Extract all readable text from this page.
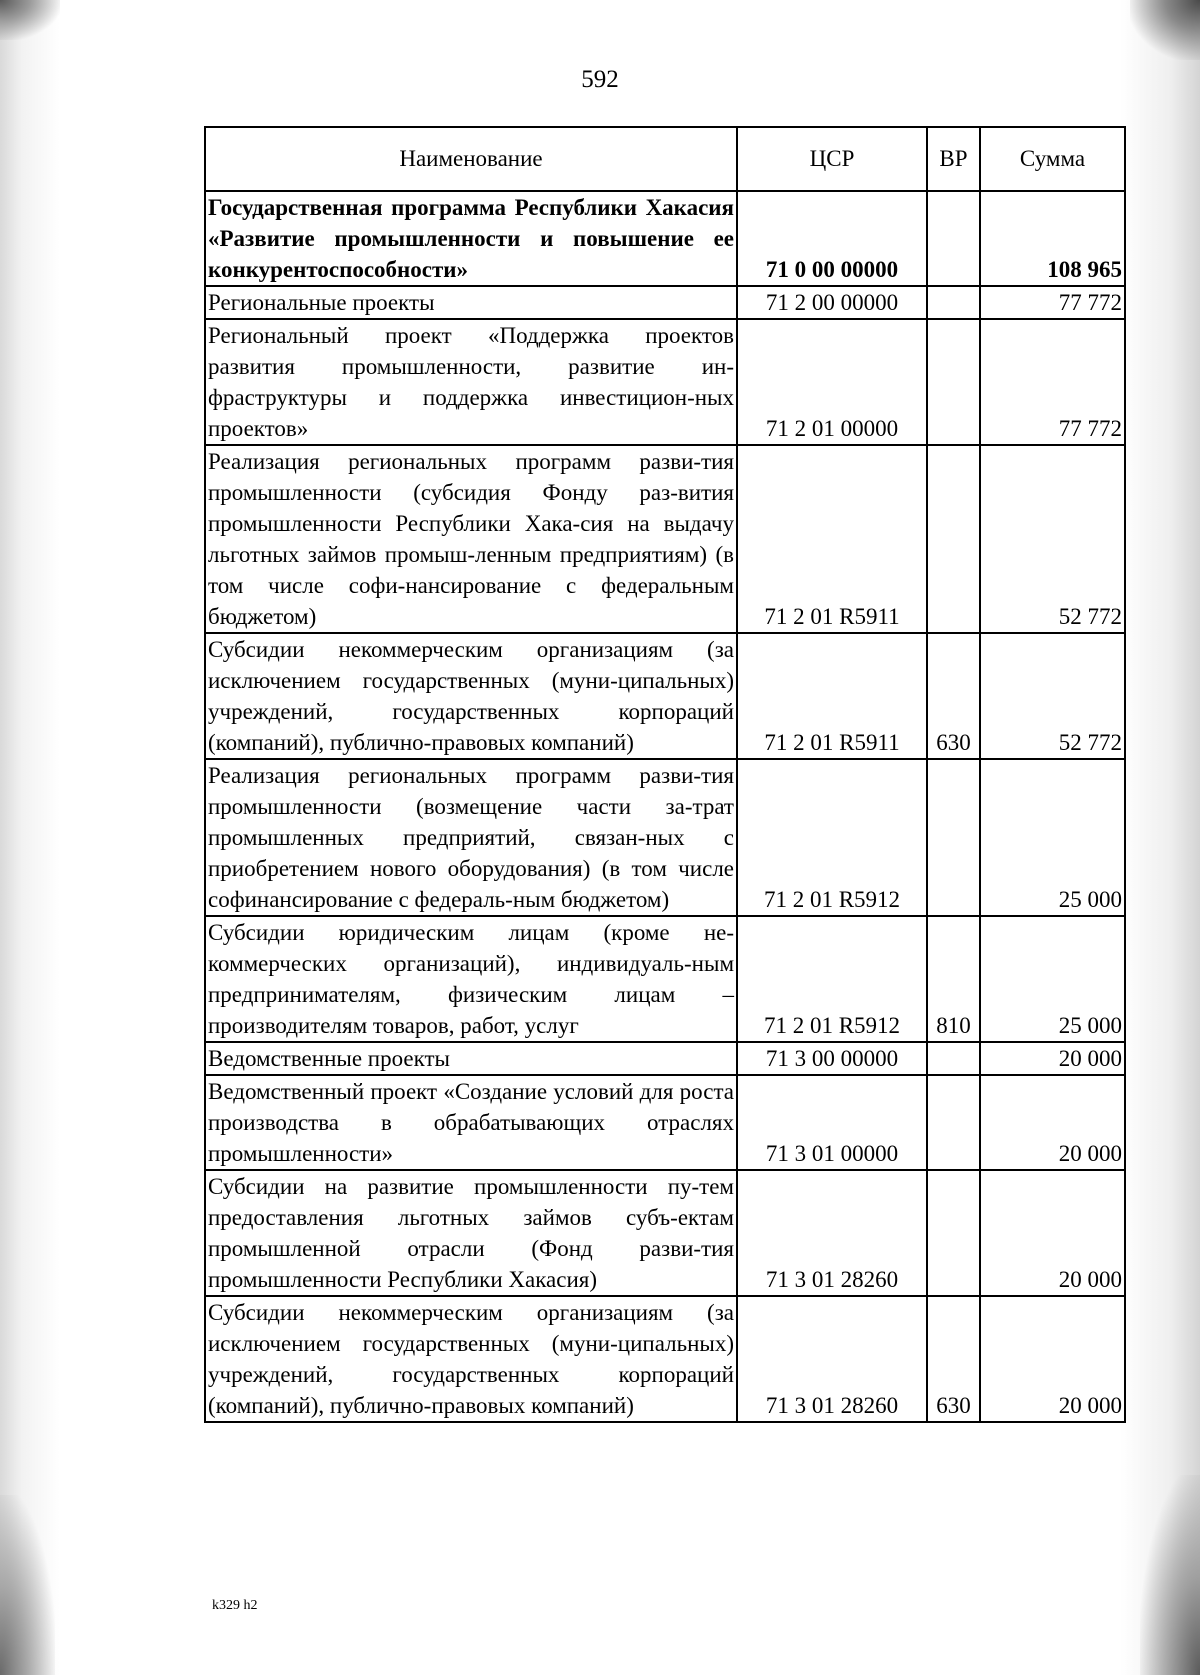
592
Наименование	ЦСР	ВР	Сумма
Государственная программа Республики Хакасия «Развитие промышленности и повышение ее конкурентоспособности»	71 0 00 00000		108 965
Региональные проекты	71 2 00 00000		77 772
Региональный проект «Поддержка проектов развития промышленности, развитие ин-фраструктуры и поддержка инвестицион-ных проектов»	71 2 01 00000		77 772
Реализация региональных программ разви-тия промышленности (субсидия Фонду раз-вития промышленности Республики Хака-сия на выдачу льготных займов промыш-ленным предприятиям) (в том числе софи-нансирование с федеральным бюджетом)	71 2 01 R5911		52 772
Субсидии некоммерческим организациям (за исключением государственных (муни-ципальных) учреждений, государственных корпораций (компаний), публично-правовых компаний)	71 2 01 R5911	630	52 772
Реализация региональных программ разви-тия промышленности (возмещение части за-трат промышленных предприятий, связан-ных с приобретением нового оборудования) (в том числе софинансирование с федераль-ным бюджетом)	71 2 01 R5912		25 000
Субсидии юридическим лицам (кроме не-коммерческих организаций), индивидуаль-ным предпринимателям, физическим лицам – производителям товаров, работ, услуг	71 2 01 R5912	810	25 000
Ведомственные проекты	71 3 00 00000		20 000
Ведомственный проект «Создание условий для роста производства в обрабатывающих отраслях промышленности»	71 3 01 00000		20 000
Субсидии на развитие промышленности пу-тем предоставления льготных займов субъ-ектам промышленной отрасли (Фонд разви-тия промышленности Республики Хакасия)	71 3 01 28260		20 000
Субсидии некоммерческим организациям (за исключением государственных (муни-ципальных) учреждений, государственных корпораций (компаний), публично-правовых компаний)	71 3 01 28260	630	20 000
k329 h2
